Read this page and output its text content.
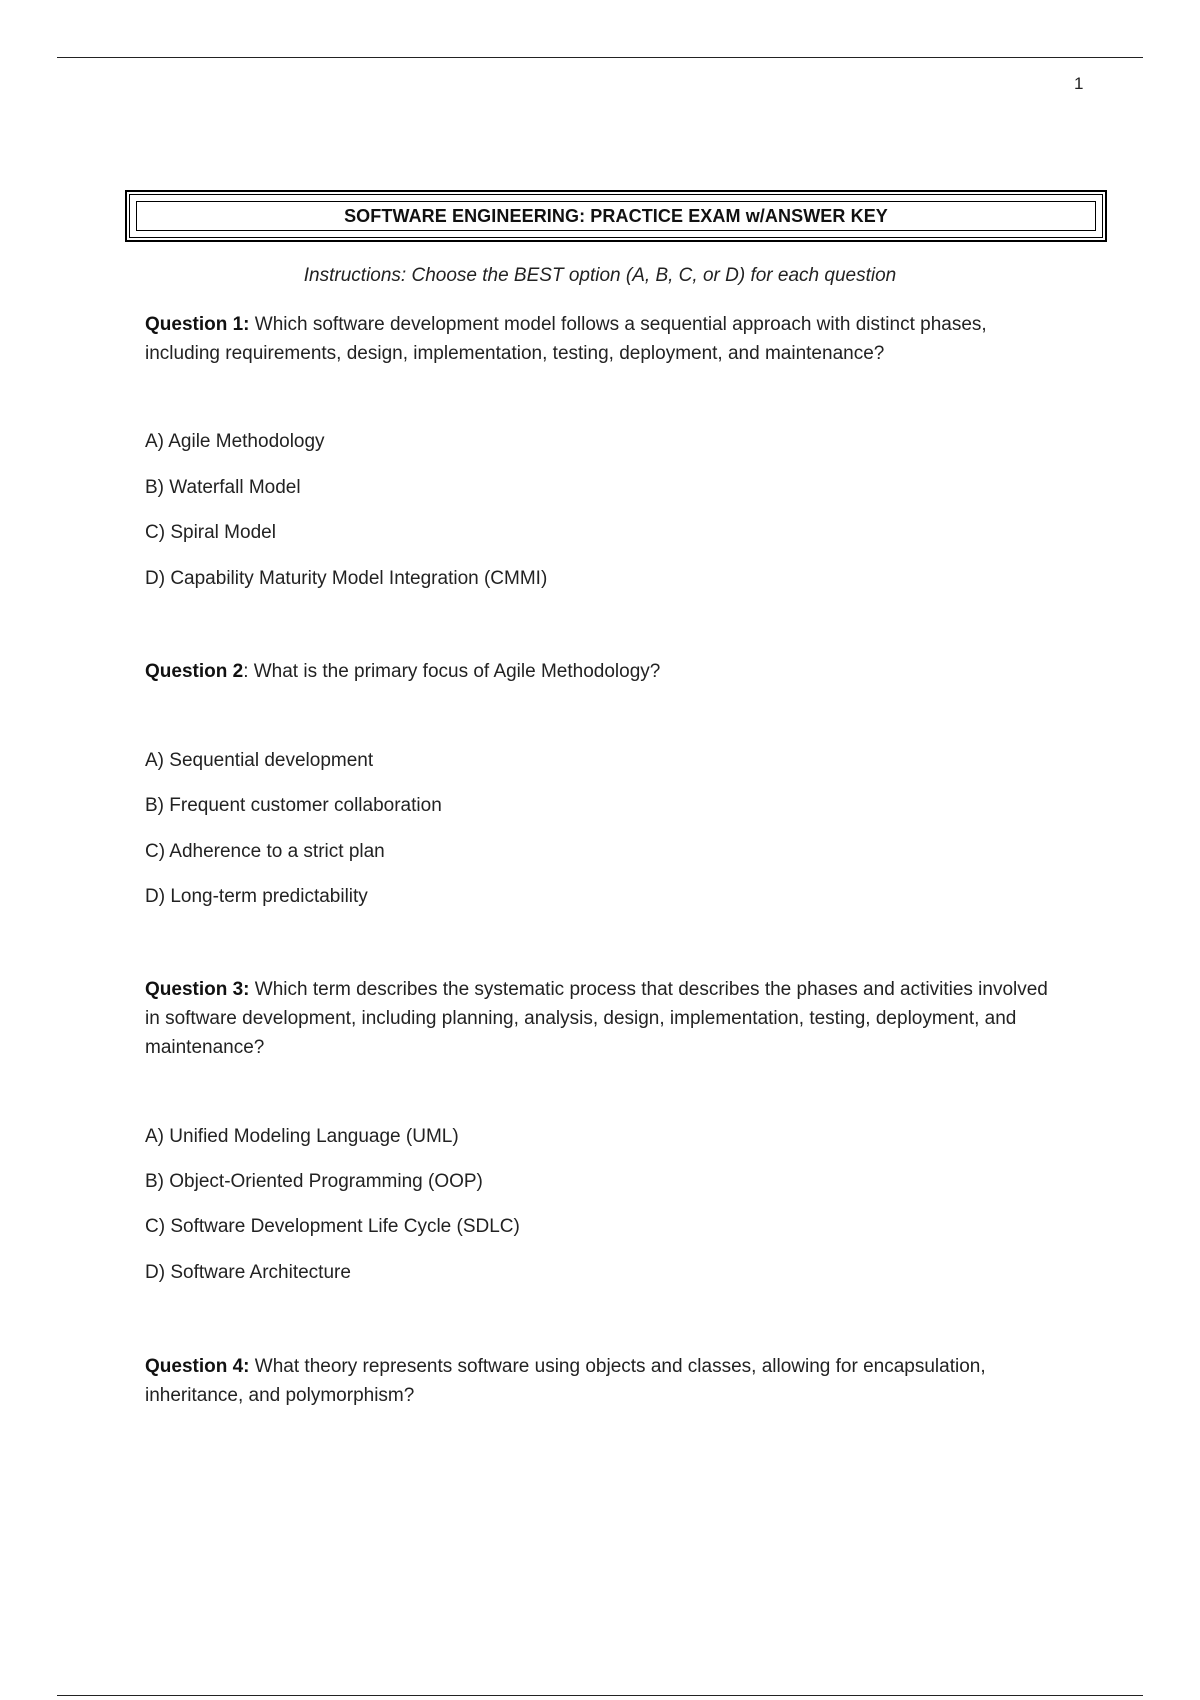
1
SOFTWARE ENGINEERING: PRACTICE EXAM w/ANSWER KEY
Instructions: Choose the BEST option (A, B, C, or D) for each question
Question 1: Which software development model follows a sequential approach with distinct phases, including requirements, design, implementation, testing, deployment, and maintenance?
A) Agile Methodology
B) Waterfall Model
C) Spiral Model
D) Capability Maturity Model Integration (CMMI)
Question 2: What is the primary focus of Agile Methodology?
A) Sequential development
B) Frequent customer collaboration
C) Adherence to a strict plan
D) Long-term predictability
Question 3: Which term describes the systematic process that describes the phases and activities involved in software development, including planning, analysis, design, implementation, testing, deployment, and maintenance?
A) Unified Modeling Language (UML)
B) Object-Oriented Programming (OOP)
C) Software Development Life Cycle (SDLC)
D) Software Architecture
Question 4: What theory represents software using objects and classes, allowing for encapsulation, inheritance, and polymorphism?
